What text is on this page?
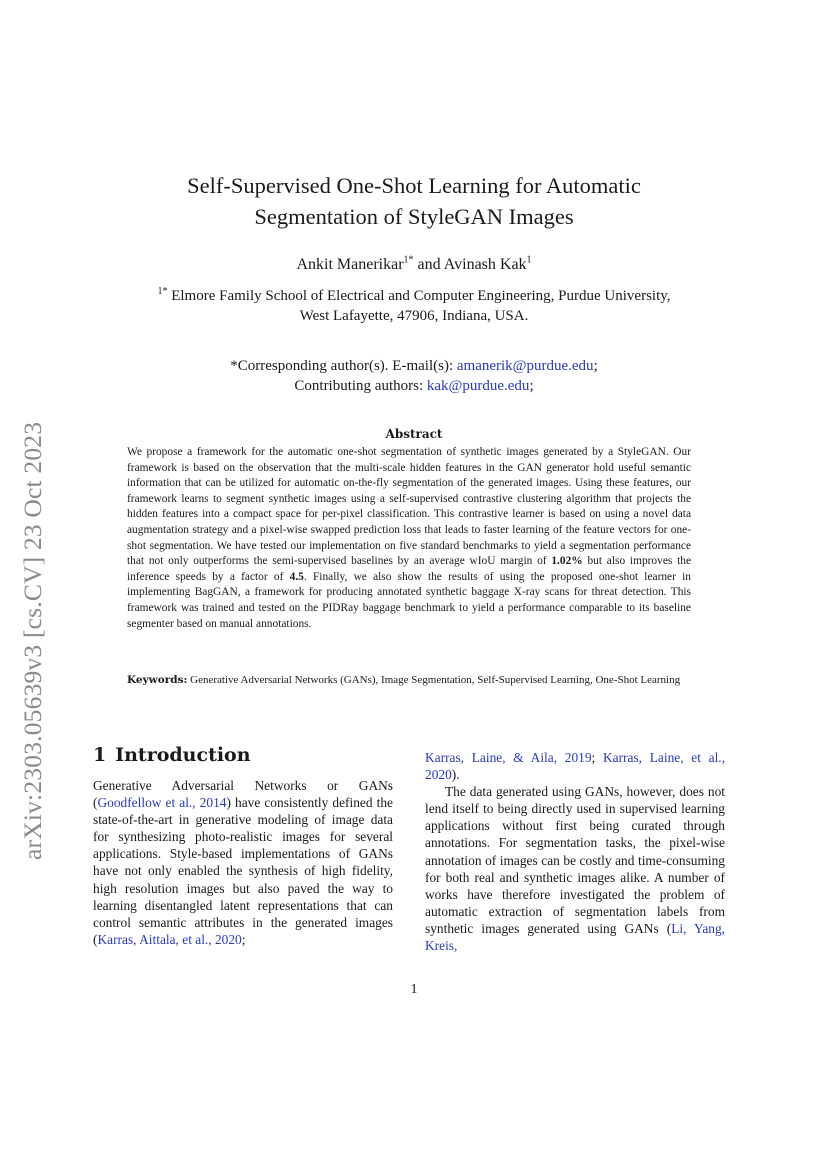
arXiv:2303.05639v3 [cs.CV] 23 Oct 2023
Self-Supervised One-Shot Learning for Automatic
Segmentation of StyleGAN Images
Ankit Manerikar$^{1*}$ and Avinash Kak$^1$
$^{1*}$ Elmore Family School of Electrical and Computer Engineering, Purdue University,
West Lafayette, 47906, Indiana, USA.
*Corresponding author(s). E-mail(s): amanerik@purdue.edu;
Contributing authors: kak@purdue.edu;
Abstract
We propose a framework for the automatic one-shot segmentation of synthetic images generated by a StyleGAN. Our framework is based on the observation that the multi-scale hidden features in the GAN generator hold useful semantic information that can be utilized for automatic on-the-fly segmentation of the generated images. Using these features, our framework learns to segment synthetic images using a self-supervised contrastive clustering algorithm that projects the hidden features into a compact space for per-pixel classification. This contrastive learner is based on using a novel data augmentation strategy and a pixel-wise swapped prediction loss that leads to faster learning of the feature vectors for one-shot segmentation. We have tested our implementation on five standard benchmarks to yield a segmentation performance that not only outperforms the semi-supervised baselines by an average wIoU margin of 1.02% but also improves the inference speeds by a factor of 4.5. Finally, we also show the results of using the proposed one-shot learner in implementing BagGAN, a framework for producing annotated synthetic baggage X-ray scans for threat detection. This framework was trained and tested on the PIDRay baggage benchmark to yield a performance comparable to its baseline segmenter based on manual annotations.
Keywords: Generative Adversarial Networks (GANs), Image Segmentation, Self-Supervised Learning, One-Shot Learning
1 Introduction
Generative Adversarial Networks or GANs (Goodfellow et al., 2014) have consistently defined the state-of-the-art in generative modeling of image data for synthesizing photo-realistic images for several applications. Style-based implementations of GANs have not only enabled the synthesis of high fidelity, high resolution images but also paved the way to learning disentangled latent representations that can control semantic attributes in the generated images (Karras, Aittala, et al., 2020;

Karras, Laine, & Aila, 2019; Karras, Laine, et al., 2020).

The data generated using GANs, however, does not lend itself to being directly used in supervised learning applications without first being curated through annotations. For segmentation tasks, the pixel-wise annotation of images can be costly and time-consuming for both real and synthetic images alike. A number of works have therefore investigated the problem of automatic extraction of segmentation labels from synthetic images generated using GANs (Li, Yang, Kreis,

1
